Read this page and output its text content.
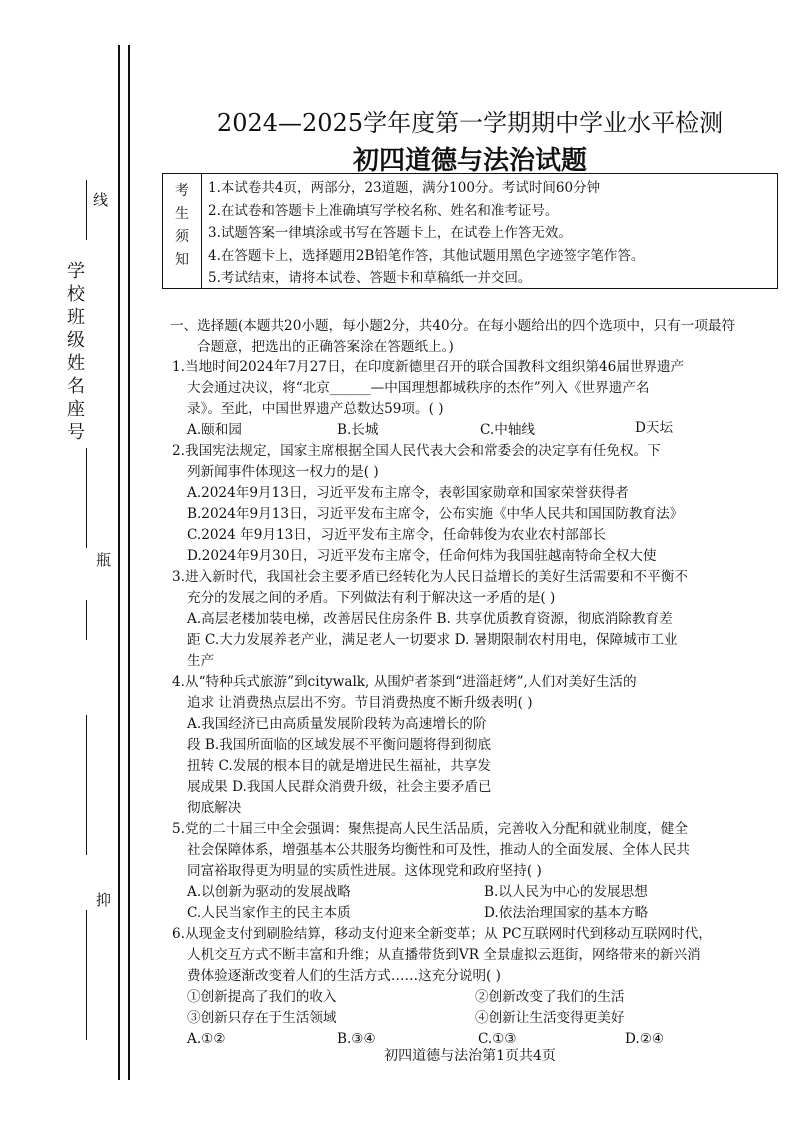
线
学
校
班
级
姓
名
座
号
瓶
抑
2024—2025学年度第一学期期中学业水平检测
初四道德与法治试题
考
生
须
知
1.本试卷共4页，两部分，23道题，满分100分。考试时间60分钟
2.在试卷和答题卡上准确填写学校名称、姓名和准考证号。
3.试题答案一律填涂或书写在答题卡上，在试卷上作答无效。
4.在答题卡上，选择题用2B铅笔作答，其他试题用黑色字迹签字笔作答。
5.考试结束，请将本试卷、答题卡和草稿纸一并交回。
一、选择题(本题共20小题，每小题2分，共40分。在每小题给出的四个选项中，只有一项最符
合题意，把选出的正确答案涂在答题纸上。)
1.当地时间2024年7月27日，在印度新德里召开的联合国教科文组织第46届世界遗产
大会通过决议，将“北京______—中国理想都城秩序的杰作”列入《世界遗产名
录》。至此，中国世界遗产总数达59项。( )
A.颐和园	B.长城	C.中轴线	D天坛
2.我国宪法规定，国家主席根据全国人民代表大会和常委会的决定享有任免权。下
列新闻事件体现这一权力的是( )
A.2024年9月13日，习近平发布主席令，表彰国家勋章和国家荣誉获得者
B.2024年9月13日，习近平发布主席令，公布实施《中华人民共和国国防教育法》
C.2024 年9月13日，习近平发布主席令，任命韩俊为农业农村部部长
D.2024年9月30日，习近平发布主席令，任命何炜为我国驻越南特命全权大使
3.进入新时代，我国社会主要矛盾已经转化为人民日益增长的美好生活需要和不平衡不
充分的发展之间的矛盾。下列做法有利于解决这一矛盾的是( )
A.高层老楼加装电梯，改善居民住房条件 B. 共享优质教育资源，彻底消除教育差
距 C.大力发展养老产业，满足老人一切要求 D. 暑期限制农村用电，保障城市工业
生产
4.从“特种兵式旅游”到citywalk, 从围炉者茶到“进淄赶烤”,人们对美好生活的
追求 让消费热点层出不穷。节目消费热度不断升级表明( )
A.我国经济已由高质量发展阶段转为高速增长的阶
段 B.我国所面临的区域发展不平衡问题将得到彻底
扭转 C.发展的根本目的就是增进民生福祉，共享发
展成果 D.我国人民群众消费升级，社会主要矛盾已
彻底解决
5.党的二十届三中全会强调：聚焦提高人民生活品质，完善收入分配和就业制度，健全
社会保障体系，增强基本公共服务均衡性和可及性，推动人的全面发展、全体人民共
同富裕取得更为明显的实质性进展。这体现党和政府坚持( )
A.以创新为驱动的发展战略	B.以人民为中心的发展思想
C.人民当家作主的民主本质	D.依法治理国家的基本方略
6.从现金支付到刷脸结算，移动支付迎来全新变革；从 PC互联网时代到移动互联网时代，
人机交互方式不断丰富和升维；从直播带货到VR 全景虚拟云逛街，网络带来的新兴消
费体验逐渐改变着人们的生活方式……这充分说明( )
①创新提高了我们的收入	②创新改变了我们的生活
③创新只存在于生活领域	④创新让生活变得更美好
A.①②	B.③④	C.①③	D.②④
初四道德与法治第1页共4页
